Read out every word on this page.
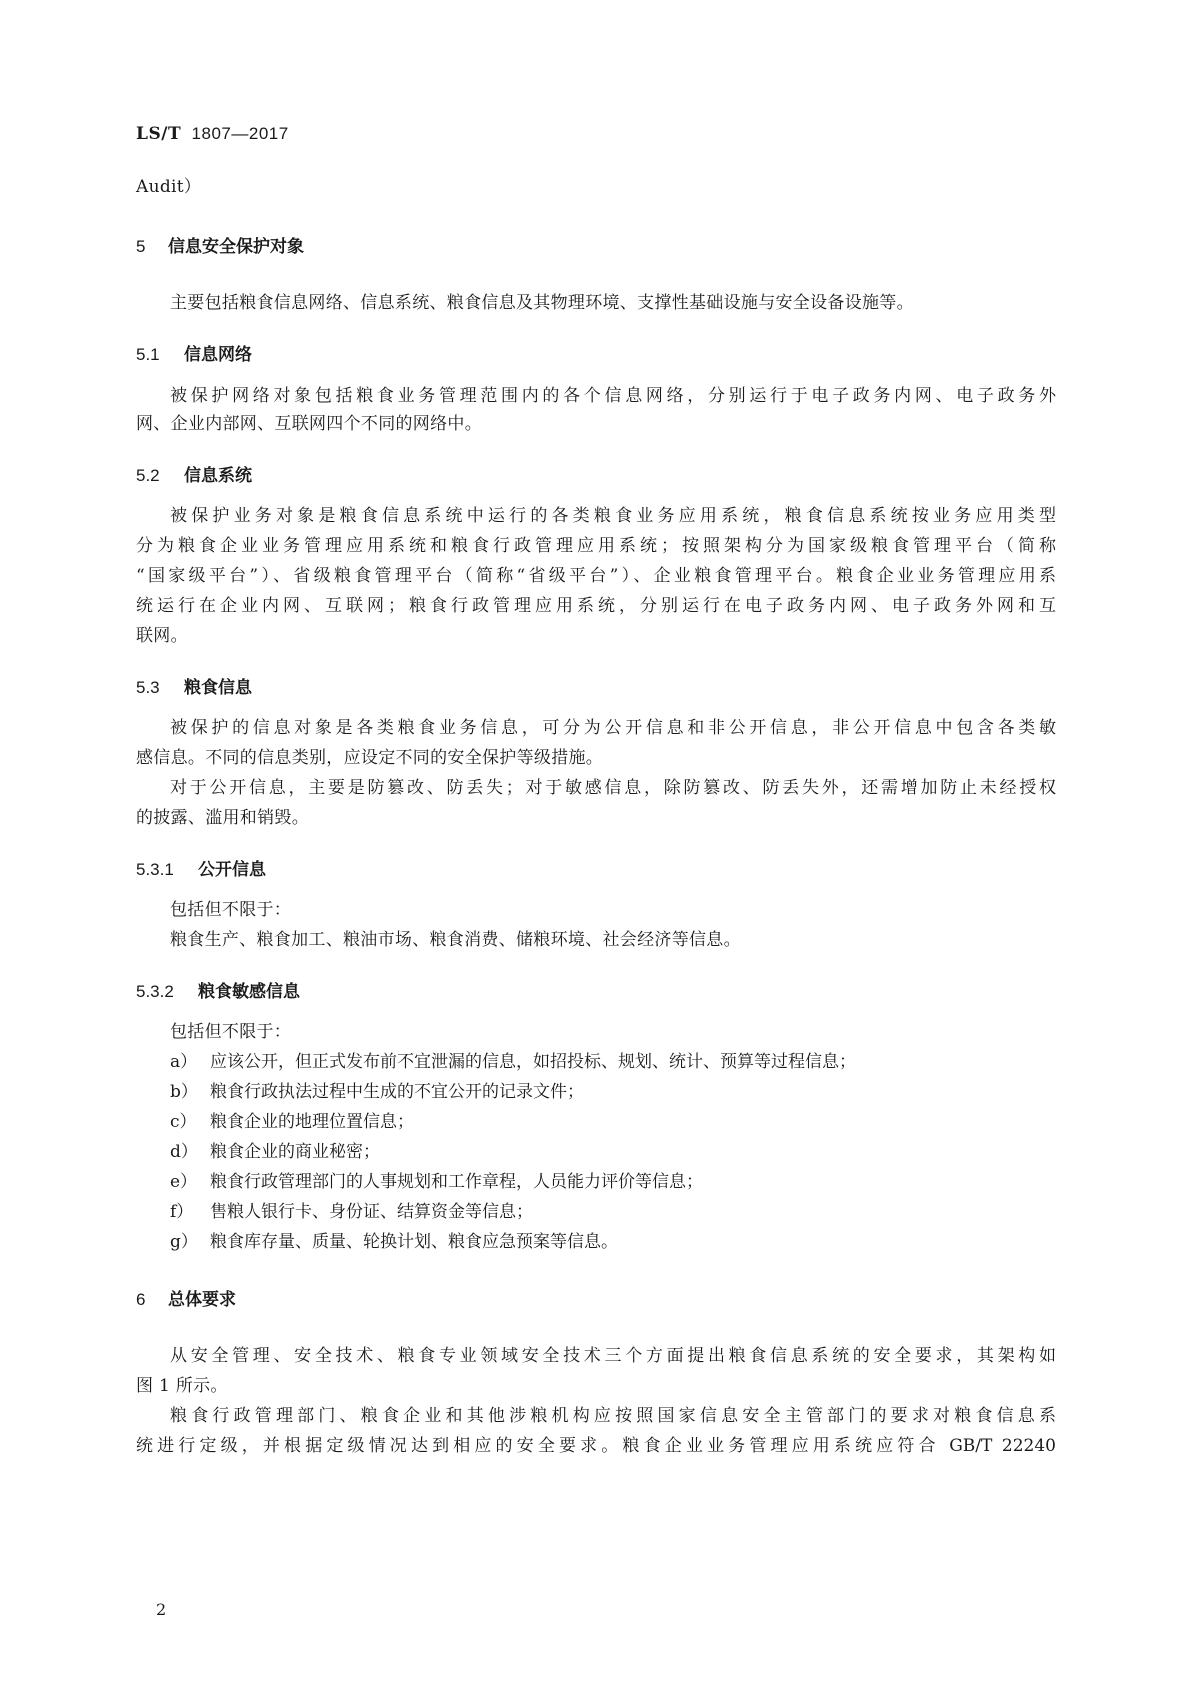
LS/T 1807—2017
Audit）
5 信息安全保护对象
主要包括粮食信息网络、信息系统、粮食信息及其物理环境、支撑性基础设施与安全设备设施等。
5.1 信息网络
被保护网络对象包括粮食业务管理范围内的各个信息网络，分别运行于电子政务内网、电子政务外
网、企业内部网、互联网四个不同的网络中。
5.2 信息系统
被保护业务对象是粮食信息系统中运行的各类粮食业务应用系统，粮食信息系统按业务应用类型
分为粮食企业业务管理应用系统和粮食行政管理应用系统；按照架构分为国家级粮食管理平台（简称
“国家级平台”）、省级粮食管理平台（简称“省级平台”）、企业粮食管理平台。粮食企业业务管理应用系
统运行在企业内网、互联网；粮食行政管理应用系统，分别运行在电子政务内网、电子政务外网和互
联网。
5.3 粮食信息
被保护的信息对象是各类粮食业务信息，可分为公开信息和非公开信息，非公开信息中包含各类敏
感信息。不同的信息类别，应设定不同的安全保护等级措施。
对于公开信息，主要是防篡改、防丢失；对于敏感信息，除防篡改、防丢失外，还需增加防止未经授权
的披露、滥用和销毁。
5.3.1 公开信息
包括但不限于：
粮食生产、粮食加工、粮油市场、粮食消费、储粮环境、社会经济等信息。
5.3.2 粮食敏感信息
包括但不限于：
a） 应该公开，但正式发布前不宜泄漏的信息，如招投标、规划、统计、预算等过程信息；
b） 粮食行政执法过程中生成的不宜公开的记录文件；
c） 粮食企业的地理位置信息；
d） 粮食企业的商业秘密；
e） 粮食行政管理部门的人事规划和工作章程，人员能力评价等信息；
f） 售粮人银行卡、身份证、结算资金等信息；
g） 粮食库存量、质量、轮换计划、粮食应急预案等信息。
6 总体要求
从安全管理、安全技术、粮食专业领域安全技术三个方面提出粮食信息系统的安全要求，其架构如
图 1 所示。
粮食行政管理部门、粮食企业和其他涉粮机构应按照国家信息安全主管部门的要求对粮食信息系
统进行定级，并根据定级情况达到相应的安全要求。粮食企业业务管理应用系统应符合 GB/T 22240
2
